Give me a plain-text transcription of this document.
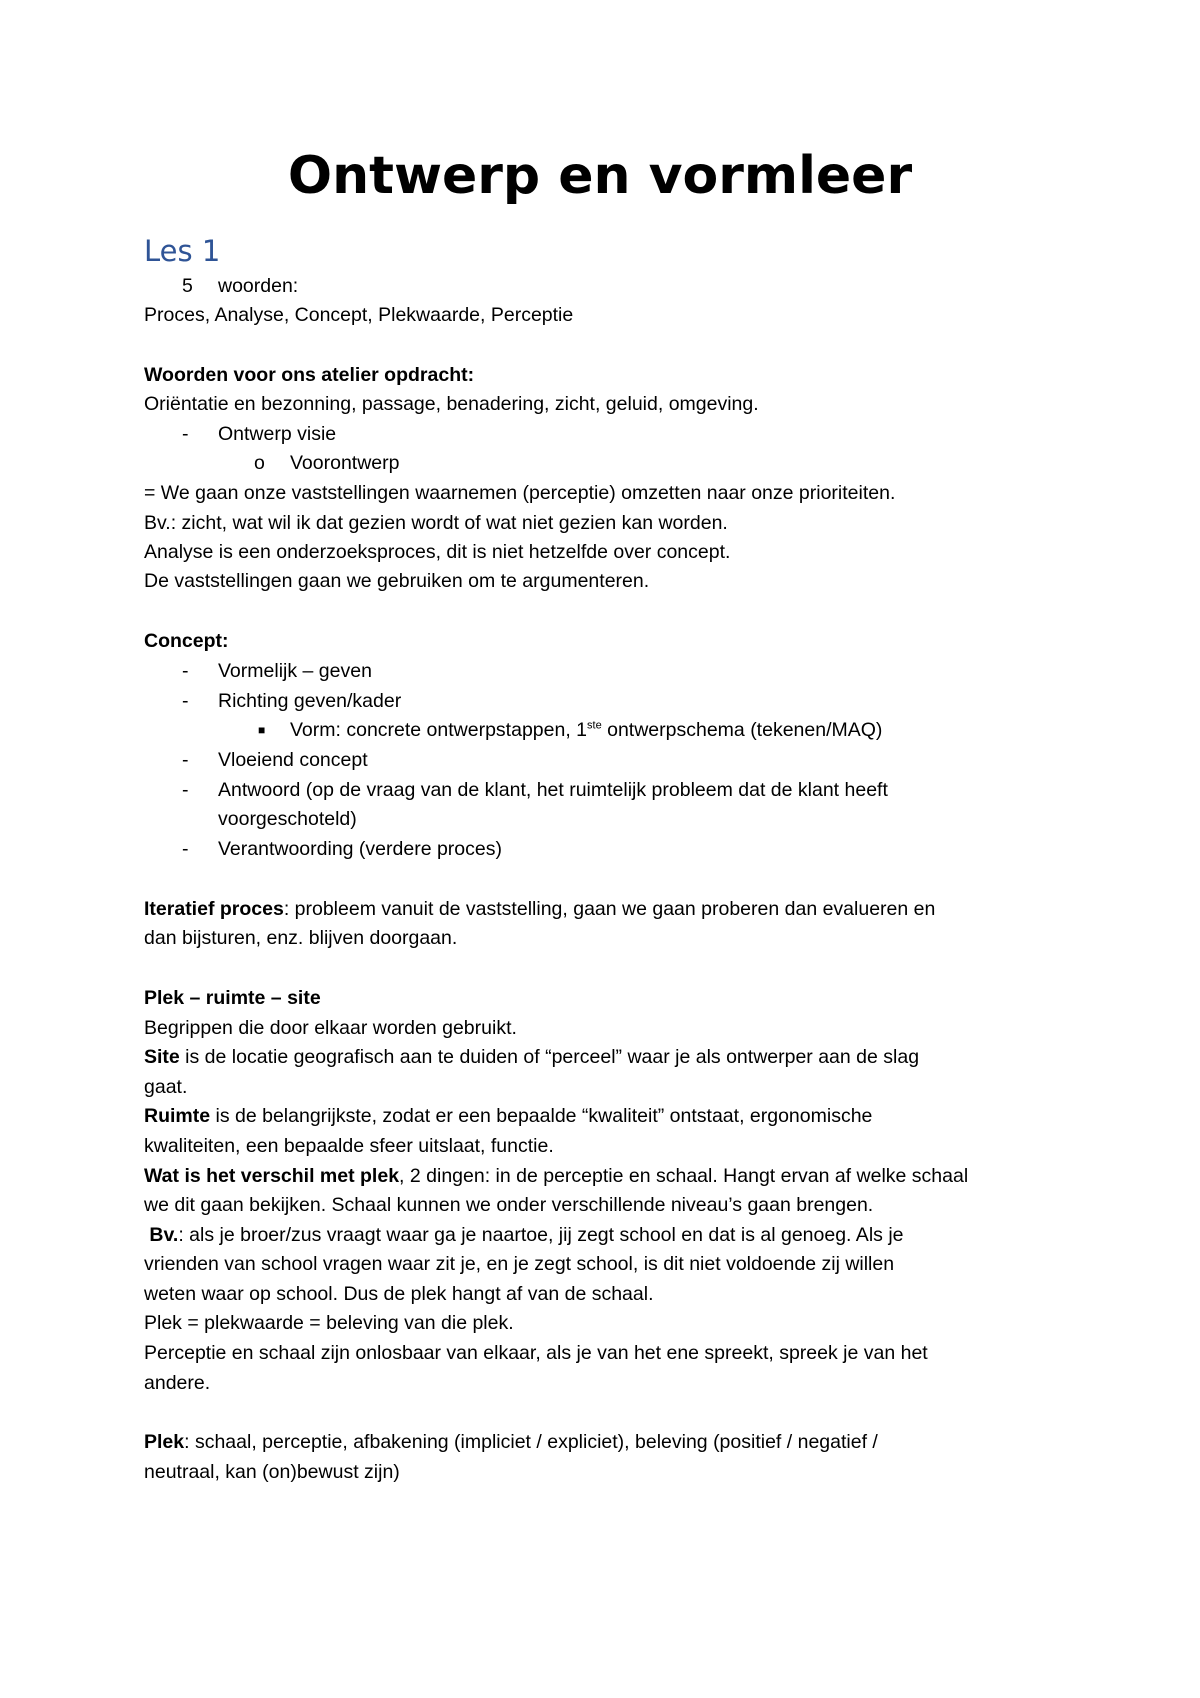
Ontwerp en vormleer
Les 1
5 woorden:
Proces, Analyse, Concept, Plekwaarde, Perceptie
Woorden voor ons atelier opdracht:
Oriëntatie en bezonning, passage, benadering, zicht, geluid, omgeving.
- Ontwerp visie
o Voorontwerp
= We gaan onze vaststellingen waarnemen (perceptie) omzetten naar onze prioriteiten.
Bv.: zicht, wat wil ik dat gezien wordt of wat niet gezien kan worden.
Analyse is een onderzoeksproces, dit is niet hetzelfde over concept.
De vaststellingen gaan we gebruiken om te argumenteren.
Concept:
- Vormelijk – geven
- Richting geven/kader
■ Vorm: concrete ontwerpstappen, 1ste ontwerpschema (tekenen/MAQ)
- Vloeiend concept
- Antwoord (op de vraag van de klant, het ruimtelijk probleem dat de klant heeft
voorgeschoteld)
- Verantwoording (verdere proces)
Iteratief proces: probleem vanuit de vaststelling, gaan we gaan proberen dan evalueren en
dan bijsturen, enz. blijven doorgaan.
Plek – ruimte – site
Begrippen die door elkaar worden gebruikt.
Site is de locatie geografisch aan te duiden of “perceel” waar je als ontwerper aan de slag
gaat.
Ruimte is de belangrijkste, zodat er een bepaalde “kwaliteit” ontstaat, ergonomische
kwaliteiten, een bepaalde sfeer uitslaat, functie.
Wat is het verschil met plek, 2 dingen: in de perceptie en schaal. Hangt ervan af welke schaal
we dit gaan bekijken. Schaal kunnen we onder verschillende niveau’s gaan brengen.
Bv.: als je broer/zus vraagt waar ga je naartoe, jij zegt school en dat is al genoeg. Als je
vrienden van school vragen waar zit je, en je zegt school, is dit niet voldoende zij willen
weten waar op school. Dus de plek hangt af van de schaal.
Plek = plekwaarde = beleving van die plek.
Perceptie en schaal zijn onlosbaar van elkaar, als je van het ene spreekt, spreek je van het
andere.
Plek: schaal, perceptie, afbakening (impliciet / expliciet), beleving (positief / negatief /
neutraal, kan (on)bewust zijn)
